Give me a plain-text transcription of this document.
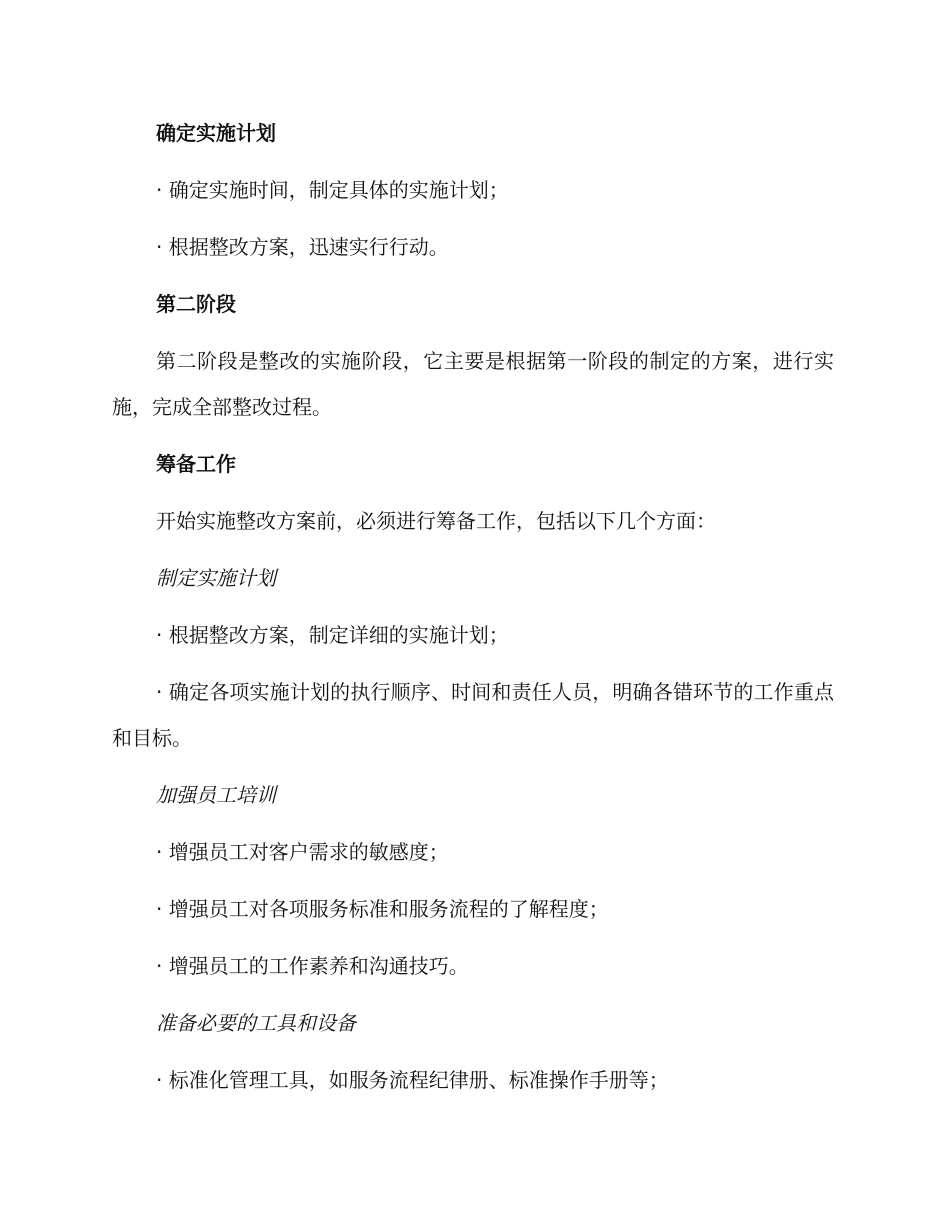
确定实施计划
· 确定实施时间，制定具体的实施计划；
· 根据整改方案，迅速实行行动。
第二阶段
第二阶段是整改的实施阶段，它主要是根据第一阶段的制定的方案，进行实施，完成全部整改过程。
筹备工作
开始实施整改方案前，必须进行筹备工作，包括以下几个方面：
制定实施计划
· 根据整改方案，制定详细的实施计划；
· 确定各项实施计划的执行顺序、时间和责任人员，明确各错环节的工作重点和目标。
加强员工培训
· 增强员工对客户需求的敏感度；
· 增强员工对各项服务标准和服务流程的了解程度；
· 增强员工的工作素养和沟通技巧。
准备必要的工具和设备
· 标准化管理工具，如服务流程纪律册、标准操作手册等；
